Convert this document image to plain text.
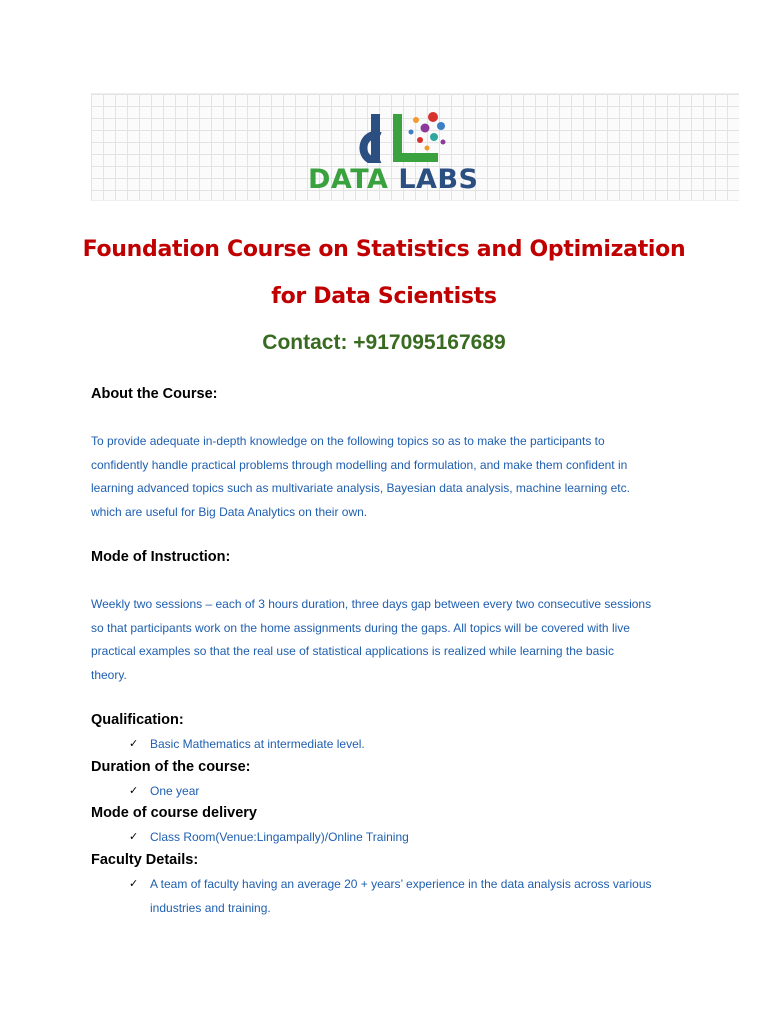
DATA LABS
Foundation Course on Statistics and Optimization
for Data Scientists
Contact: +917095167689
About the Course:
To provide adequate in-depth knowledge on the following topics so as to make the participants to
confidently handle practical problems through modelling and formulation, and make them confident in
learning advanced topics such as multivariate analysis, Bayesian data analysis, machine learning etc.
which are useful for Big Data Analytics on their own.
Mode of Instruction:
Weekly two sessions – each of 3 hours duration, three days gap between every two consecutive sessions
so that participants work on the home assignments during the gaps. All topics will be covered with live
practical examples so that the real use of statistical applications is realized while learning the basic
theory.
Qualification:
✓ Basic Mathematics at intermediate level.
Duration of the course:
✓ One year
Mode of course delivery
✓ Class Room(Venue:Lingampally)/Online Training
Faculty Details:
✓ A team of faculty having an average 20 + years’ experience in the data analysis across various
industries and training.
